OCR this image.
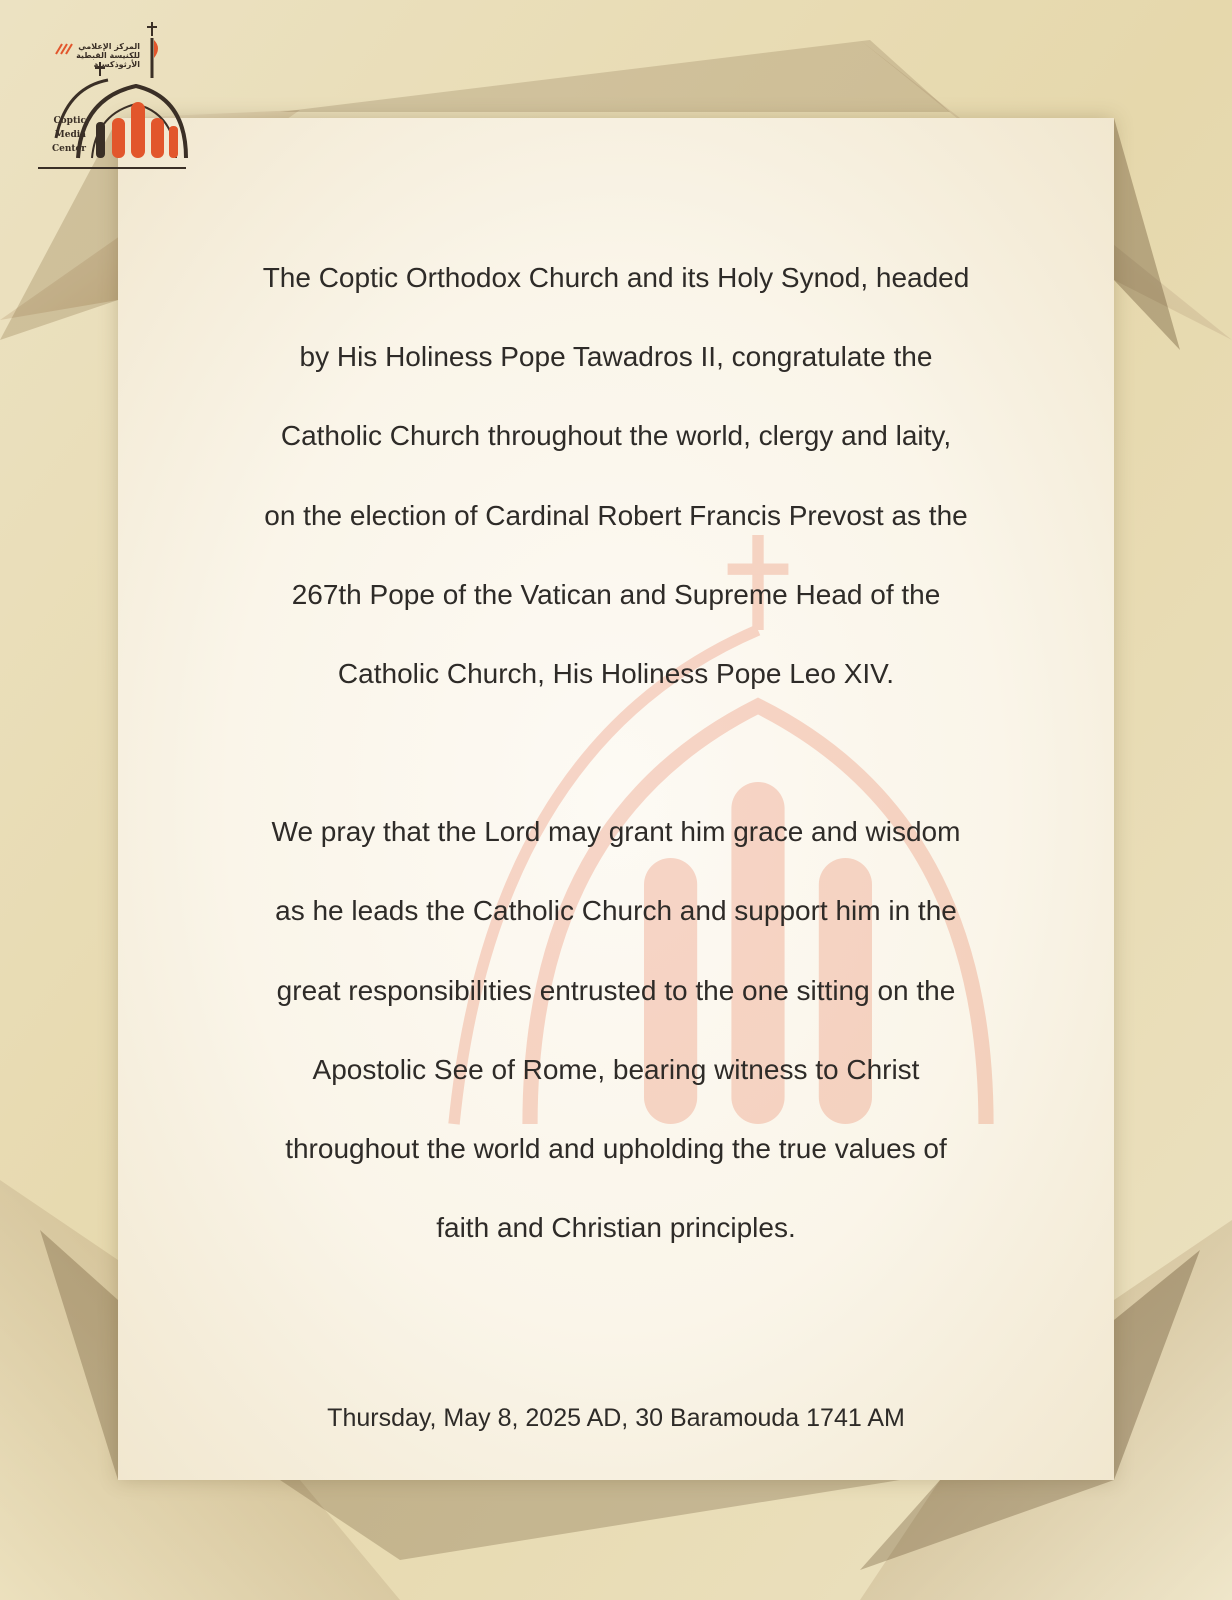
المركز الإعلامي للكنيسة القبطية الأرثوذكسية
Coptic
Media
Center
The Coptic Orthodox Church and its Holy Synod, headed
by His Holiness Pope Tawadros II, congratulate the
Catholic Church throughout the world, clergy and laity,
on the election of Cardinal Robert Francis Prevost as the
267th Pope of the Vatican and Supreme Head of the
Catholic Church, His Holiness Pope Leo XIV.
We pray that the Lord may grant him grace and wisdom
as he leads the Catholic Church and support him in the
great responsibilities entrusted to the one sitting on the
Apostolic See of Rome, bearing witness to Christ
throughout the world and upholding the true values of
faith and Christian principles.
Thursday, May 8, 2025 AD, 30 Baramouda 1741 AM
